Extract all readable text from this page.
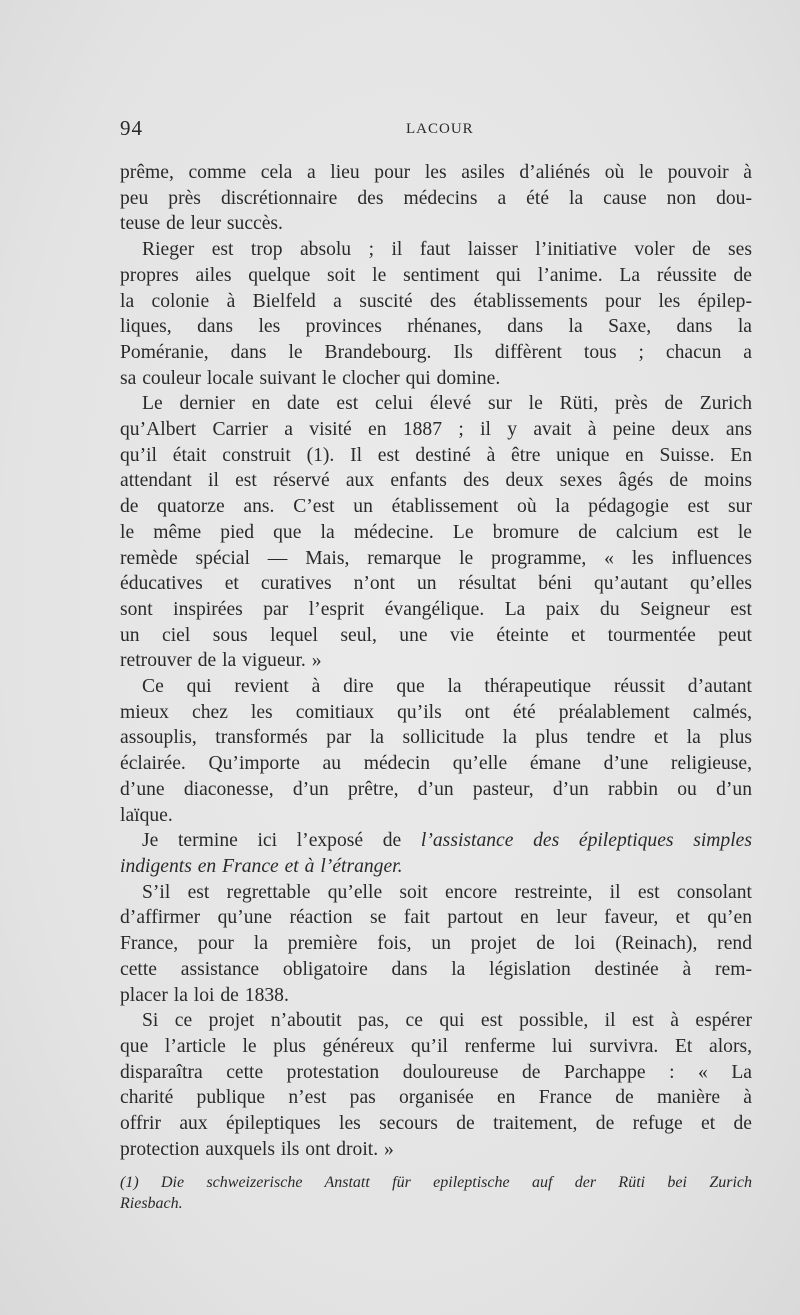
94	LACOUR
prême, comme cela a lieu pour les asiles d’aliénés où le pouvoir à
peu près discrétionnaire des médecins a été la cause non dou-
teuse de leur succès.
Rieger est trop absolu ; il faut laisser l’initiative voler de ses
propres ailes quelque soit le sentiment qui l’anime. La réussite de
la colonie à Bielfeld a suscité des établissements pour les épilep-
liques, dans les provinces rhénanes, dans la Saxe, dans la
Poméranie, dans le Brandebourg. Ils diffèrent tous ; chacun a
sa couleur locale suivant le clocher qui domine.
Le dernier en date est celui élevé sur le Rüti, près de Zurich
qu’Albert Carrier a visité en 1887 ; il y avait à peine deux ans
qu’il était construit (1). Il est destiné à être unique en Suisse. En
attendant il est réservé aux enfants des deux sexes âgés de moins
de quatorze ans. C’est un établissement où la pédagogie est sur
le même pied que la médecine. Le bromure de calcium est le
remède spécial — Mais, remarque le programme, « les influences
éducatives et curatives n’ont un résultat béni qu’autant qu’elles
sont inspirées par l’esprit évangélique. La paix du Seigneur est
un ciel sous lequel seul, une vie éteinte et tourmentée peut
retrouver de la vigueur. »
Ce qui revient à dire que la thérapeutique réussit d’autant
mieux chez les comitiaux qu’ils ont été préalablement calmés,
assouplis, transformés par la sollicitude la plus tendre et la plus
éclairée. Qu’importe au médecin qu’elle émane d’une religieuse,
d’une diaconesse, d’un prêtre, d’un pasteur, d’un rabbin ou d’un
laïque.
Je termine ici l’exposé de l’assistance des épileptiques simples
indigents en France et à l’étranger.
S’il est regrettable qu’elle soit encore restreinte, il est consolant
d’affirmer qu’une réaction se fait partout en leur faveur, et qu’en
France, pour la première fois, un projet de loi (Reinach), rend
cette assistance obligatoire dans la législation destinée à rem-
placer la loi de 1838.
Si ce projet n’aboutit pas, ce qui est possible, il est à espérer
que l’article le plus généreux qu’il renferme lui survivra. Et alors,
disparaîtra cette protestation douloureuse de Parchappe : « La
charité publique n’est pas organisée en France de manière à
offrir aux épileptiques les secours de traitement, de refuge et de
protection auxquels ils ont droit. »
(1) Die schweizerische Anstatt für epileptische auf der Rüti bei Zurich
Riesbach.
